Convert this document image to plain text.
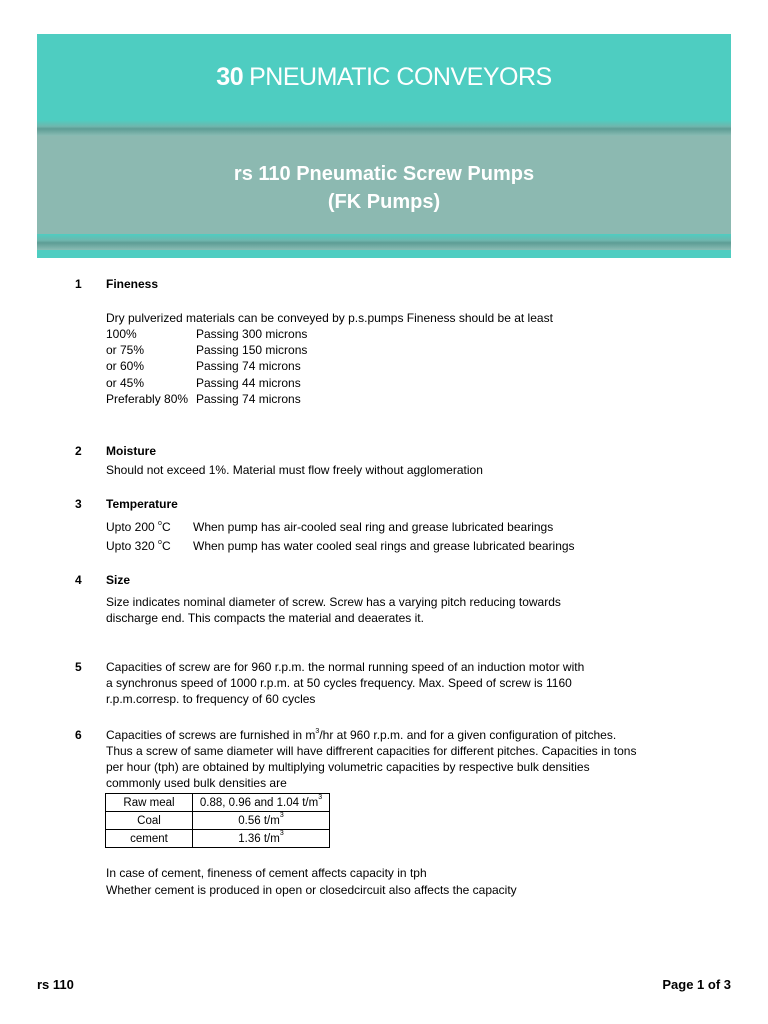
30 PNEUMATIC CONVEYORS
rs 110 Pneumatic Screw Pumps
(FK Pumps)
1 Fineness
Dry pulverized materials can be conveyed by p.s.pumps Fineness should be at least
100%	Passing 300 microns
or 75%	Passing 150 microns
or 60%	Passing 74 microns
or 45%	Passing 44 microns
Preferably 80% Passing 74 microns
2 Moisture
Should not exceed 1%. Material must flow freely without agglomeration
3 Temperature
Upto 200 $^o$C When pump has air-cooled seal ring and grease lubricated bearings
Upto 320 $^o$C When pump has water cooled seal rings and grease lubricated bearings
4 Size
Size indicates nominal diameter of screw. Screw has a varying pitch reducing towards
discharge end. This compacts the material and deaerates it.
5 Capacities of screw are for 960 r.p.m. the normal running speed of an induction motor with
a synchronus speed of 1000 r.p.m. at 50 cycles frequency. Max. Speed of screw is 1160
r.p.m.corresp. to frequency of 60 cycles
6 Capacities of screws are furnished in $m^3/hr$ at 960 r.p.m. and for a given configuration of pitches.
Thus a screw of same diameter will have diffrerent capacities for different pitches. Capacities in tons
per hour (tph) are obtained by multiplying volumetric capacities by respective bulk densities
commonly used bulk densities are
Raw meal	0.88, 0.96 and 1.04 $t/m^3$
Coal	0.56 $t/m^3$
cement	1.36 $t/m^3$
In case of cement, fineness of cement affects capacity in tph
Whether cement is produced in open or closedcircuit also affects the capacity
rs 110	Page 1 of 3
